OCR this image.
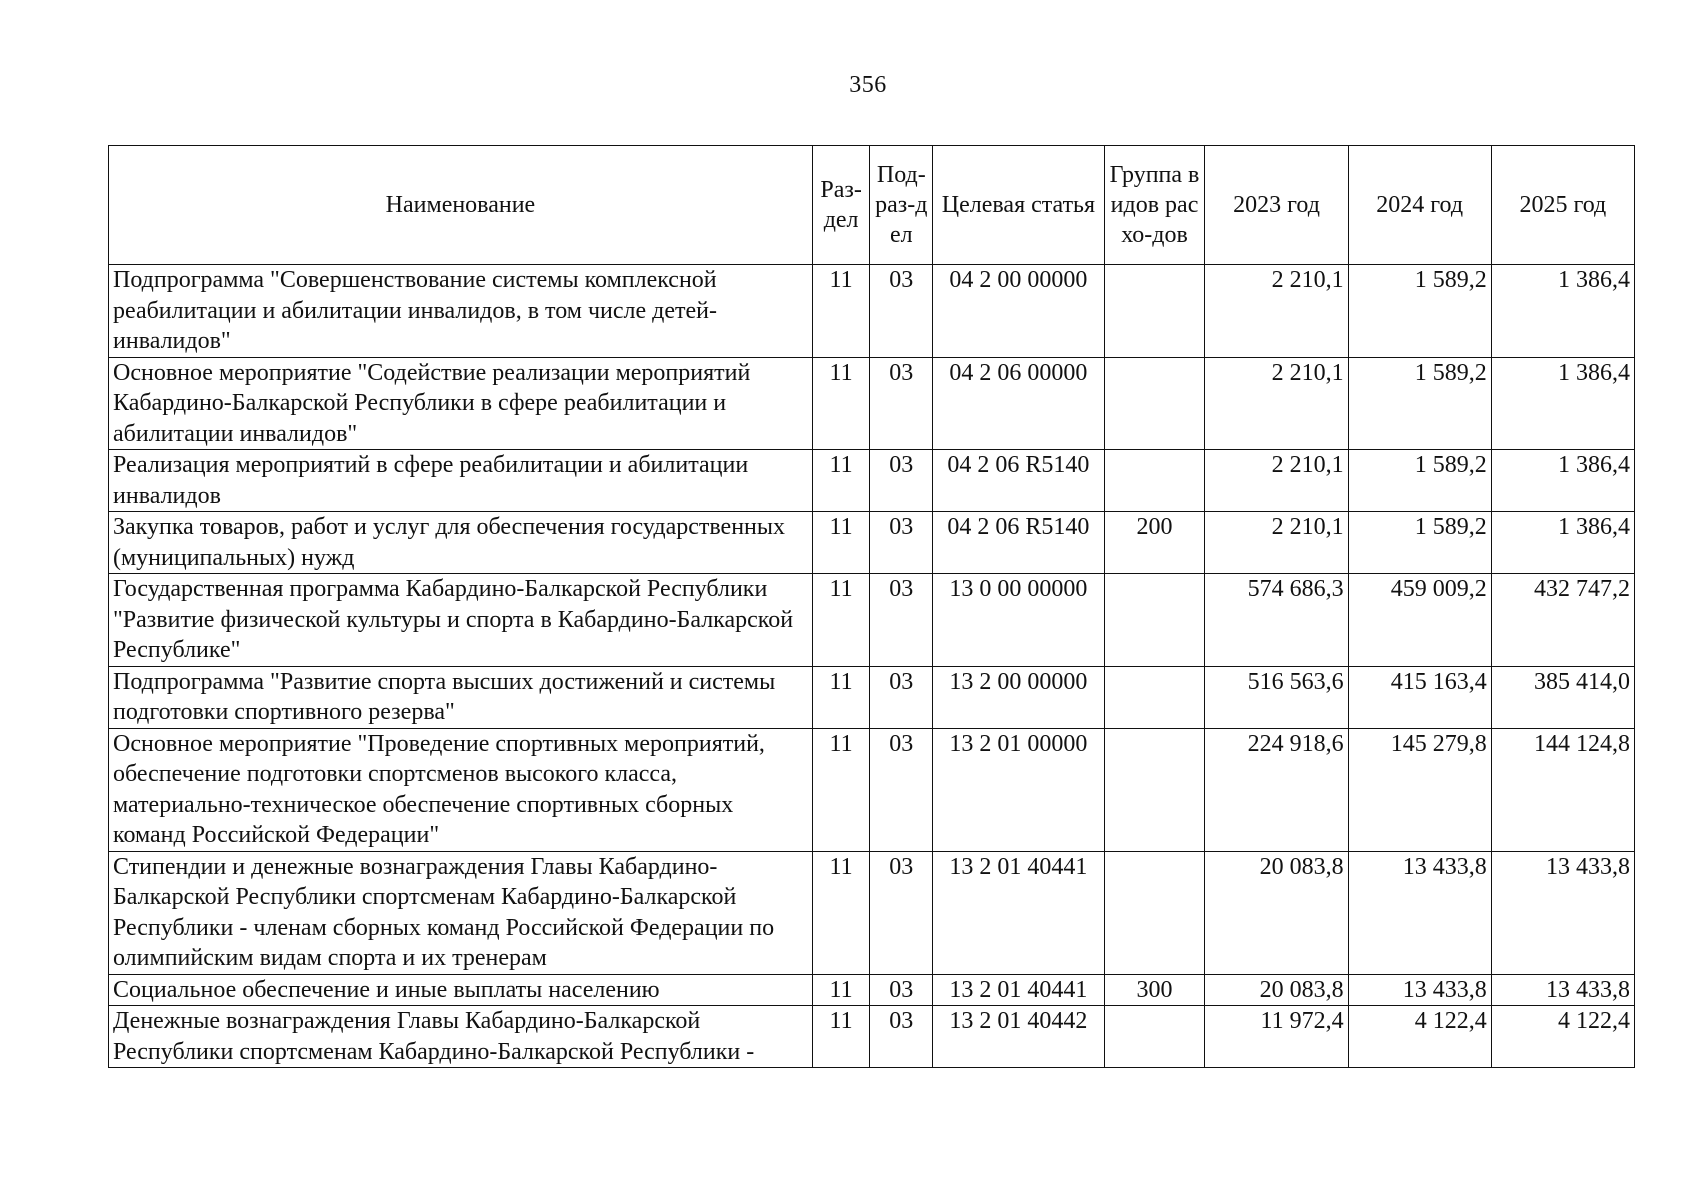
356
Наименование	Раз-дел	Под-раз-дел	Целевая статья	Группа видов расхо-дов	2023 год	2024 год	2025 год
Подпрограмма "Совершенствование системы комплексной реабилитации и абилитации инвалидов, в том числе детей-инвалидов"	11	03	04 2 00 00000		2 210,1	1 589,2	1 386,4
Основное мероприятие "Содействие реализации мероприятий Кабардино-Балкарской Республики в сфере реабилитации и абилитации инвалидов"	11	03	04 2 06 00000		2 210,1	1 589,2	1 386,4
Реализация мероприятий в сфере реабилитации и абилитации инвалидов	11	03	04 2 06 R5140		2 210,1	1 589,2	1 386,4
Закупка товаров, работ и услуг для обеспечения государственных (муниципальных) нужд	11	03	04 2 06 R5140	200	2 210,1	1 589,2	1 386,4
Государственная программа Кабардино-Балкарской Республики "Развитие физической культуры и спорта в Кабардино-Балкарской Республике"	11	03	13 0 00 00000		574 686,3	459 009,2	432 747,2
Подпрограмма "Развитие спорта высших достижений и системы подготовки спортивного резерва"	11	03	13 2 00 00000		516 563,6	415 163,4	385 414,0
Основное мероприятие "Проведение спортивных мероприятий, обеспечение подготовки спортсменов высокого класса, материально-техническое обеспечение спортивных сборных команд Российской Федерации"	11	03	13 2 01 00000		224 918,6	145 279,8	144 124,8
Стипендии и денежные вознаграждения Главы Кабардино-Балкарской Республики спортсменам Кабардино-Балкарской Республики - членам сборных команд Российской Федерации по олимпийским видам спорта и их тренерам	11	03	13 2 01 40441		20 083,8	13 433,8	13 433,8
Социальное обеспечение и иные выплаты населению	11	03	13 2 01 40441	300	20 083,8	13 433,8	13 433,8
Денежные вознаграждения Главы Кабардино-Балкарской Республики спортсменам Кабардино-Балкарской Республики -	11	03	13 2 01 40442		11 972,4	4 122,4	4 122,4
